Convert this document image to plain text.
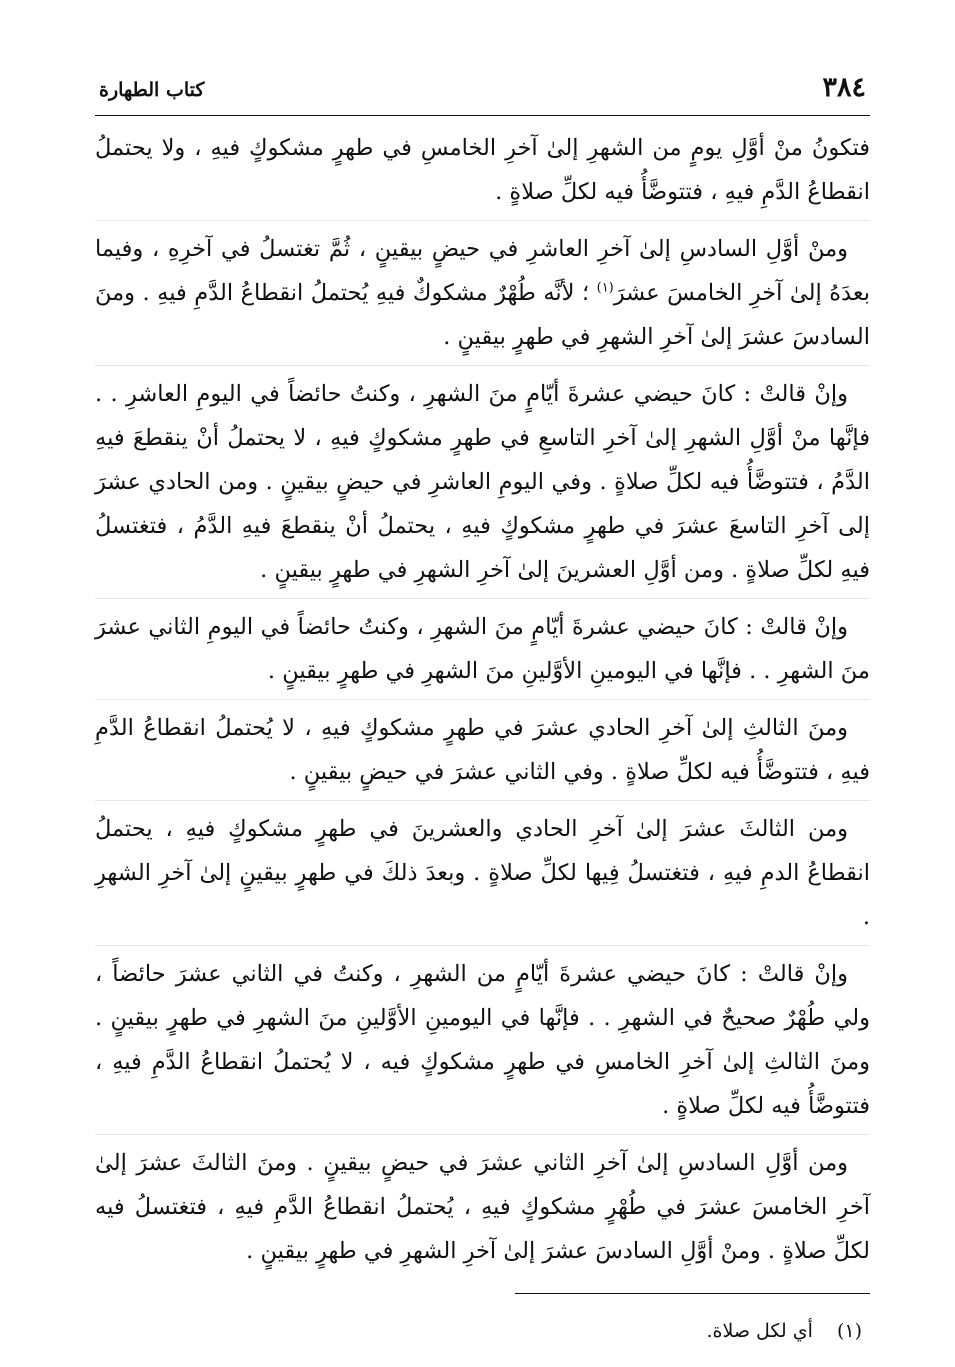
٣٨٤
كتاب الطهارة

فتكونُ منْ أوَّلِ يومٍ من الشهرِ إلىٰ آخرِ الخامسِ في طهرٍ مشكوكٍ فيهِ ، ولا يحتملُ انقطاعُ الدَّمِ فيهِ ، فتتوضَّأُ فيه لكلِّ صلاةٍ .

ومنْ أوَّلِ السادسِ إلىٰ آخرِ العاشرِ في حيضٍ بيقينٍ ، ثُمَّ تغتسلُ في آخرِهِ ، وفيما بعدَهُ إلىٰ آخرِ الخامسَ عشرَ$^{(١)}$ ؛ لأنَّه طُهْرٌ مشكوكٌ فيهِ يُحتملُ انقطاعُ الدَّمِ فيهِ . ومنَ السادسَ عشرَ إلىٰ آخرِ الشهرِ في طهرٍ بيقينٍ .

وإنْ قالتْ : كانَ حيضي عشرةَ أيّامٍ منَ الشهرِ ، وكنتُ حائضاً في اليومِ العاشرِ . . فإنَّها منْ أوَّلِ الشهرِ إلىٰ آخرِ التاسعِ في طهرٍ مشكوكٍ فيهِ ، لا يحتملُ أنْ ينقطعَ فيهِ الدَّمُ ، فتتوضَّأُ فيه لكلِّ صلاةٍ . وفي اليومِ العاشرِ في حيضٍ بيقينٍ . ومن الحادي عشرَ إلى آخرِ التاسعَ عشرَ في طهرٍ مشكوكٍ فيهِ ، يحتملُ أنْ ينقطعَ فيهِ الدَّمُ ، فتغتسلُ فيهِ لكلِّ صلاةٍ . ومن أوَّلِ العشرينَ إلىٰ آخرِ الشهرِ في طهرٍ بيقينٍ .

وإنْ قالتْ : كانَ حيضي عشرةَ أيّامٍ منَ الشهرِ ، وكنتُ حائضاً في اليومِ الثاني عشرَ منَ الشهرِ . . فإنَّها في اليومينِ الأوَّلينِ منَ الشهرِ في طهرٍ بيقينٍ .

ومنَ الثالثِ إلىٰ آخرِ الحادي عشرَ في طهرٍ مشكوكٍ فيهِ ، لا يُحتملُ انقطاعُ الدَّمِ فيهِ ، فتتوضَّأُ فيه لكلِّ صلاةٍ . وفي الثاني عشرَ في حيضٍ بيقينٍ .

ومن الثالثَ عشرَ إلىٰ آخرِ الحادي والعشرينَ في طهرٍ مشكوكٍ فيهِ ، يحتملُ انقطاعُ الدمِ فيهِ ، فتغتسلُ فِيها لكلِّ صلاةٍ . وبعدَ ذلكَ في طهرٍ بيقينٍ إلىٰ آخرِ الشهرِ .

وإنْ قالتْ : كانَ حيضي عشرةَ أيّامٍ من الشهرِ ، وكنتُ في الثاني عشرَ حائضاً ، ولي طُهْرٌ صحيحٌ في الشهرِ . . فإنَّها في اليومينِ الأوَّلينِ منَ الشهرِ في طهرٍ بيقينٍ . ومنَ الثالثِ إلىٰ آخرِ الخامسِ في طهرٍ مشكوكٍ فيه ، لا يُحتملُ انقطاعُ الدَّمِ فيهِ ، فتتوضَّأُ فيه لكلِّ صلاةٍ .

ومن أوَّلِ السادسِ إلىٰ آخرِ الثاني عشرَ في حيضٍ بيقينٍ . ومنَ الثالثَ عشرَ إلىٰ آخرِ الخامسَ عشرَ في طُهْرٍ مشكوكٍ فيهِ ، يُحتملُ انقطاعُ الدَّمِ فيهِ ، فتغتسلُ فيه لكلِّ صلاةٍ . ومنْ أوَّلِ السادسَ عشرَ إلىٰ آخرِ الشهرِ في طهرٍ بيقينٍ .

(١) أي لكل صلاة.
